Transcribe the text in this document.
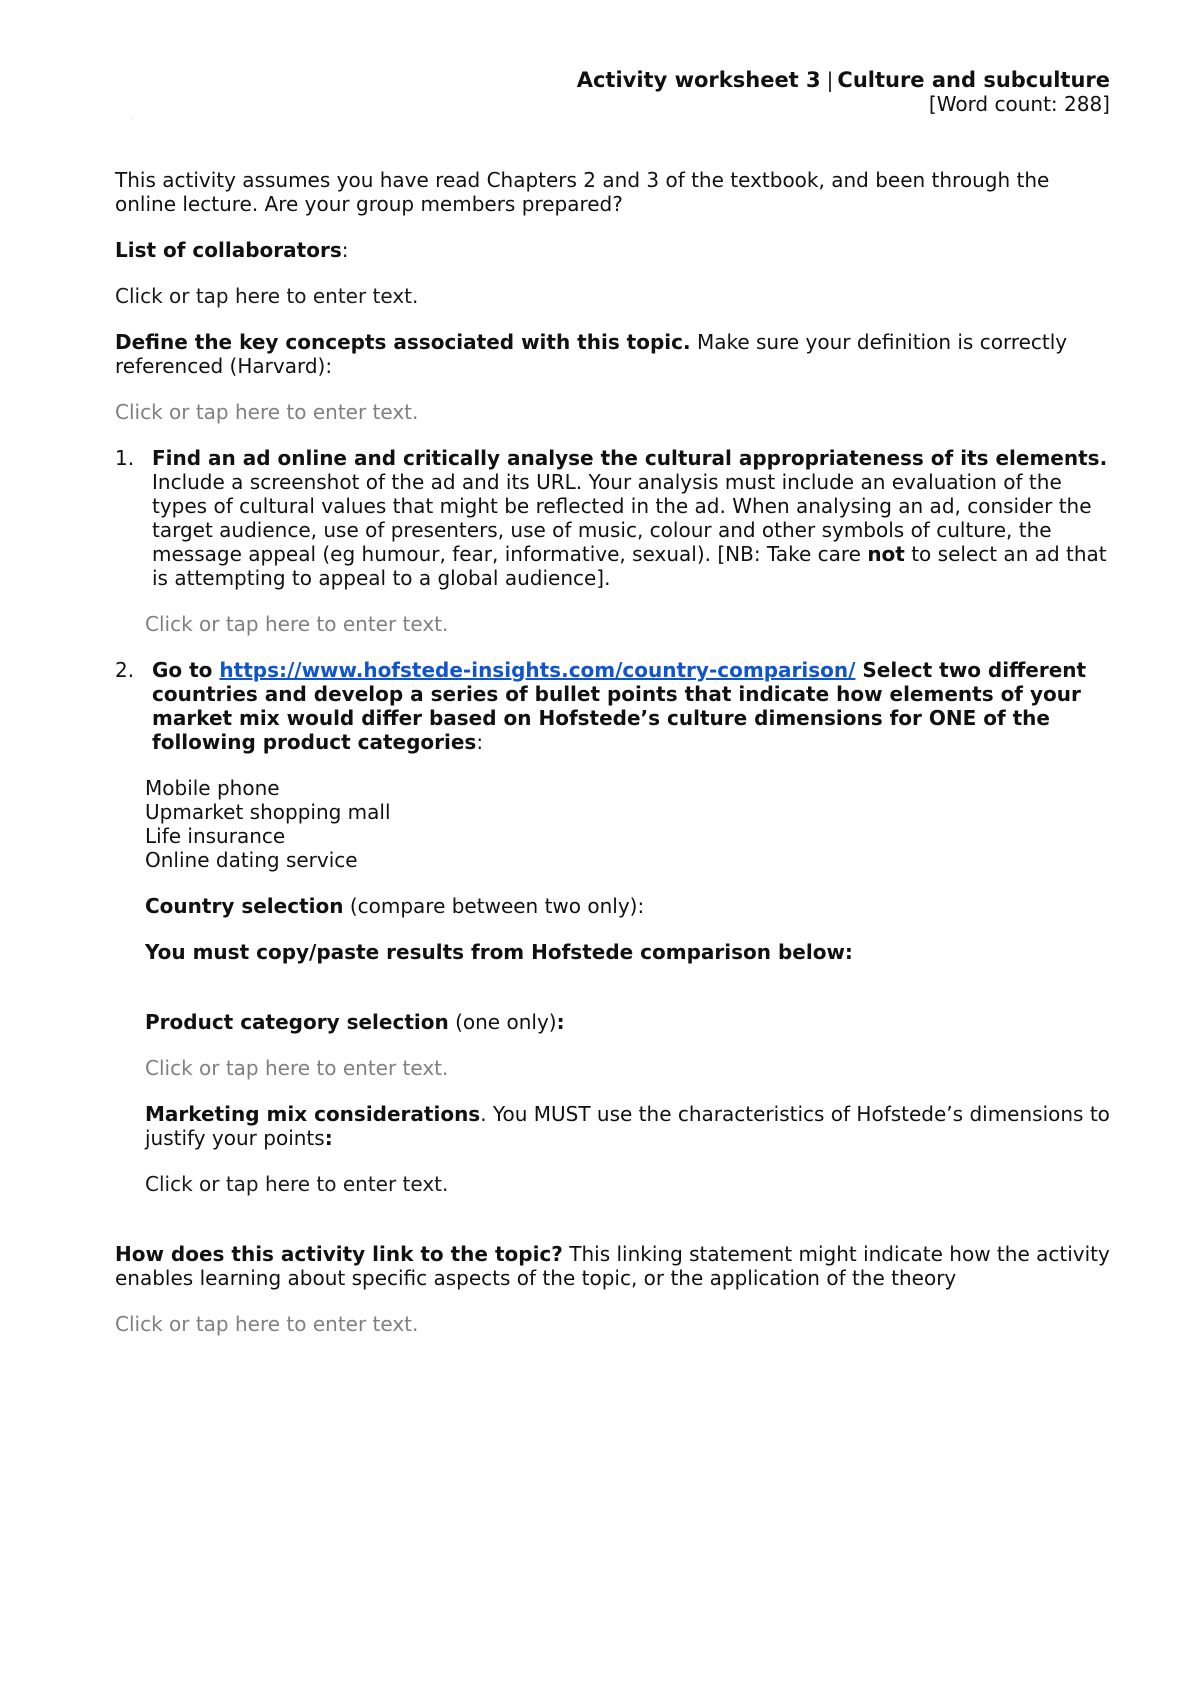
.
Activity worksheet 3 | Culture and subculture
[Word count: 288]

This activity assumes you have read Chapters 2 and 3 of the textbook, and been through the online lecture. Are your group members prepared?

List of collaborators:

Click or tap here to enter text.

Define the key concepts associated with this topic. Make sure your definition is correctly referenced (Harvard):

Click or tap here to enter text.

1. Find an ad online and critically analyse the cultural appropriateness of its elements. Include a screenshot of the ad and its URL. Your analysis must include an evaluation of the types of cultural values that might be reflected in the ad. When analysing an ad, consider the target audience, use of presenters, use of music, colour and other symbols of culture, the message appeal (eg humour, fear, informative, sexual). [NB: Take care not to select an ad that is attempting to appeal to a global audience].

Click or tap here to enter text.

2. Go to https://www.hofstede-insights.com/country-comparison/ Select two different countries and develop a series of bullet points that indicate how elements of your market mix would differ based on Hofstede’s culture dimensions for ONE of the following product categories:

Mobile phone

Upmarket shopping mall

Life insurance

Online dating service

Country selection (compare between two only):

You must copy/paste results from Hofstede comparison below:

Product category selection (one only):

Click or tap here to enter text.

Marketing mix considerations. You MUST use the characteristics of Hofstede’s dimensions to justify your points:

Click or tap here to enter text.

How does this activity link to the topic? This linking statement might indicate how the activity enables learning about specific aspects of the topic, or the application of the theory

Click or tap here to enter text.
